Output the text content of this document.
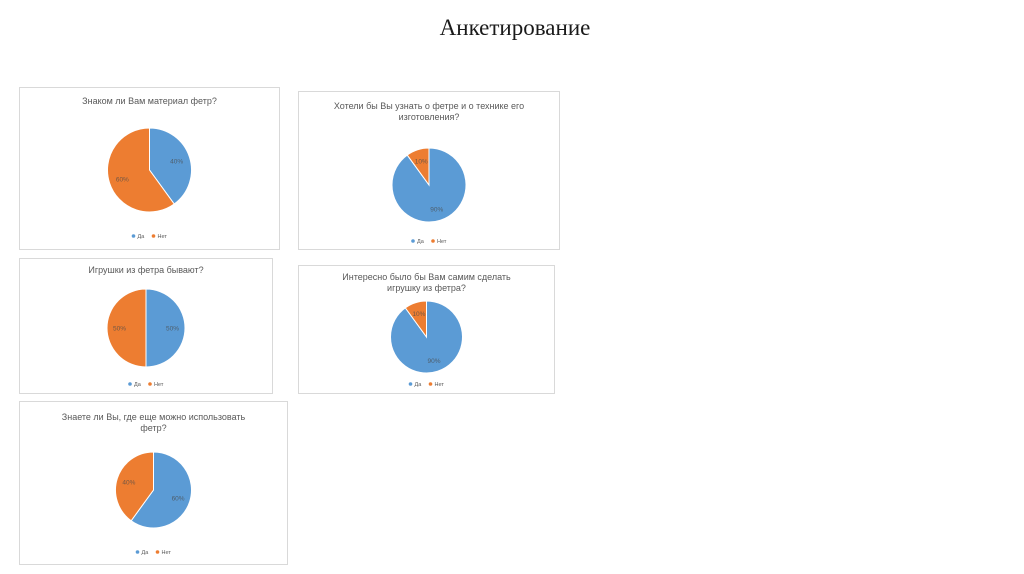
Анкетирование
Знаком ли Вам материал фетр?
40%
60%
Да Нет
Хотели бы Вы узнать о фетре и о технике его
изготовления?
90%
10%
Да Нет
Игрушки из фетра бывают?
50%
50%
Да Нет
Интересно было бы Вам самим сделать
игрушку из фетра?
90%
10%
Да Нет
Знаете ли Вы, где еще можно использовать
фетр?
60%
40%
Да Нет
